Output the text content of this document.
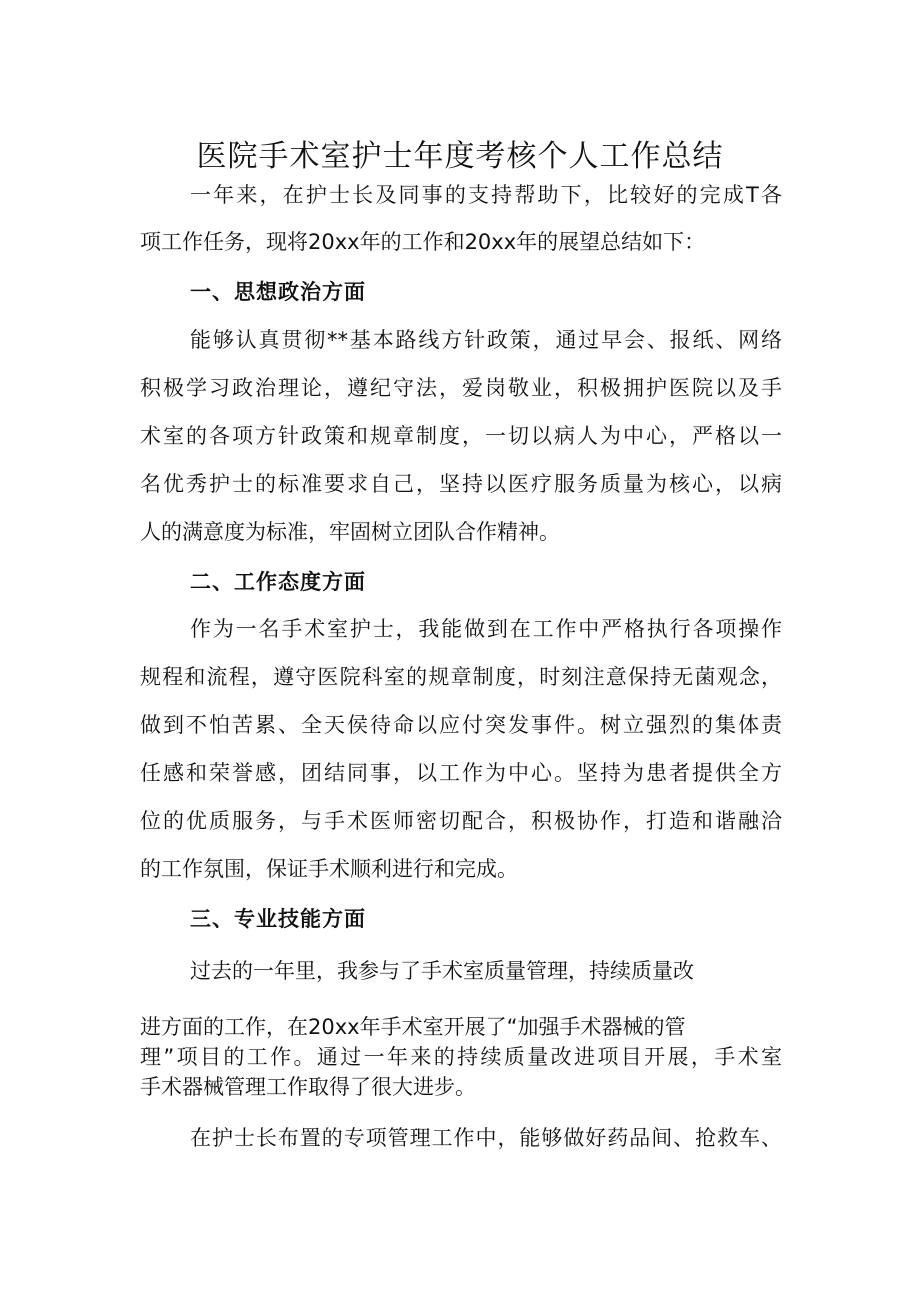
医院手术室护士年度考核个人工作总结
一年来，在护士长及同事的支持帮助下，比较好的完成T各
项工作任务，现将20xx年的工作和20xx年的展望总结如下：
一、思想政治方面
能够认真贯彻**基本路线方针政策，通过早会、报纸、网络
积极学习政治理论，遵纪守法，爱岗敬业，积极拥护医院以及手
术室的各项方针政策和规章制度，一切以病人为中心，严格以一
名优秀护士的标准要求自己，坚持以医疗服务质量为核心，以病
人的满意度为标准，牢固树立团队合作精神。
二、工作态度方面
作为一名手术室护士，我能做到在工作中严格执行各项操作
规程和流程，遵守医院科室的规章制度，时刻注意保持无菌观念，
做到不怕苦累、全天侯待命以应付突发事件。树立强烈的集体责
任感和荣誉感，团结同事，以工作为中心。坚持为患者提供全方
位的优质服务，与手术医师密切配合，积极协作，打造和谐融洽
的工作氛围，保证手术顺利进行和完成。
三、专业技能方面
过去的一年里，我参与了手术室质量管理，持续质量改
进方面的工作，在20xx年手术室开展了“加强手术器械的管
理”项目的工作。通过一年来的持续质量改进项目开展，手术室
手术器械管理工作取得了很大进步。
在护士长布置的专项管理工作中，能够做好药品间、抢救车、
